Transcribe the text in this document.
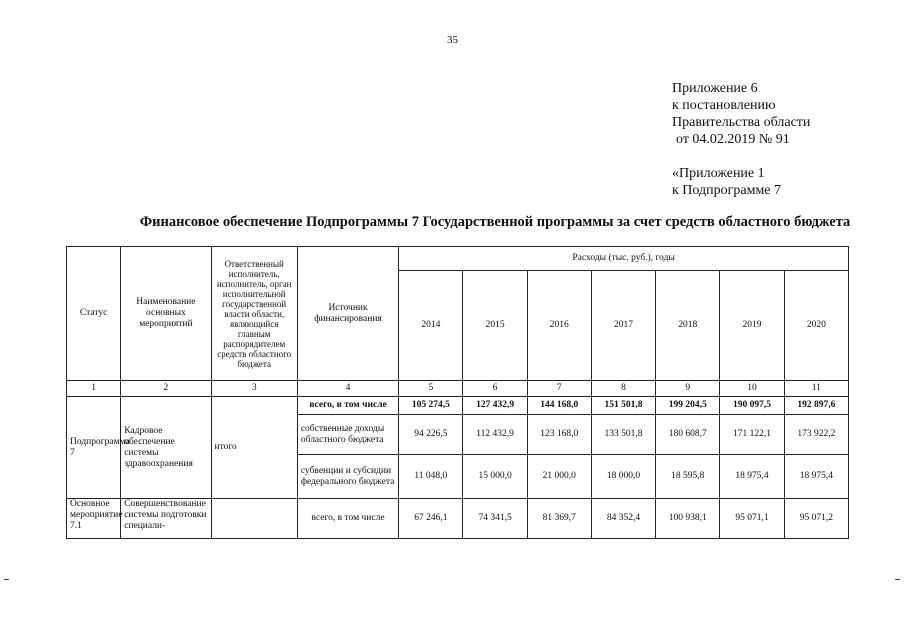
35
Приложение 6
к постановлению
Правительства области
от 04.02.2019 № 91
«Приложение 1
к Подпрограмме 7
Финансовое обеспечение Подпрограммы 7 Государственной программы за счет средств областного бюджета
Статус	Наименование основных мероприятий	Ответственный исполнитель, исполнитель, орган исполнительной государственной власти области, являющийся главным распорядителем средств областного бюджета	Источник финансирования	Расходы (тыс. руб.), годы						
				2014	2015	2016	2017	2018	2019	2020
1	2	3	4	5	6	7	8	9	10	11
Подпрограмма 7	Кадровое обеспечение системы здравоохранения	итого	всего, в том числе	105 274,5	127 432,9	144 168,0	151 501,8	199 204,5	190 097,5	192 897,6
			собственные доходы областного бюджета	94 226,5	112 432,9	123 168,0	133 501,8	180 608,7	171 122,1	173 922,2
			субвенции и субсидии федерального бюджета	11 048,0	15 000,0	21 000,0	18 000,0	18 595,8	18 975,4	18 975,4
Основное мероприятие 7.1	Совершенствование системы подготовки специали-		всего, в том числе	67 246,1	74 341,5	81 369,7	84 352,4	100 938,1	95 071,1	95 071,2
